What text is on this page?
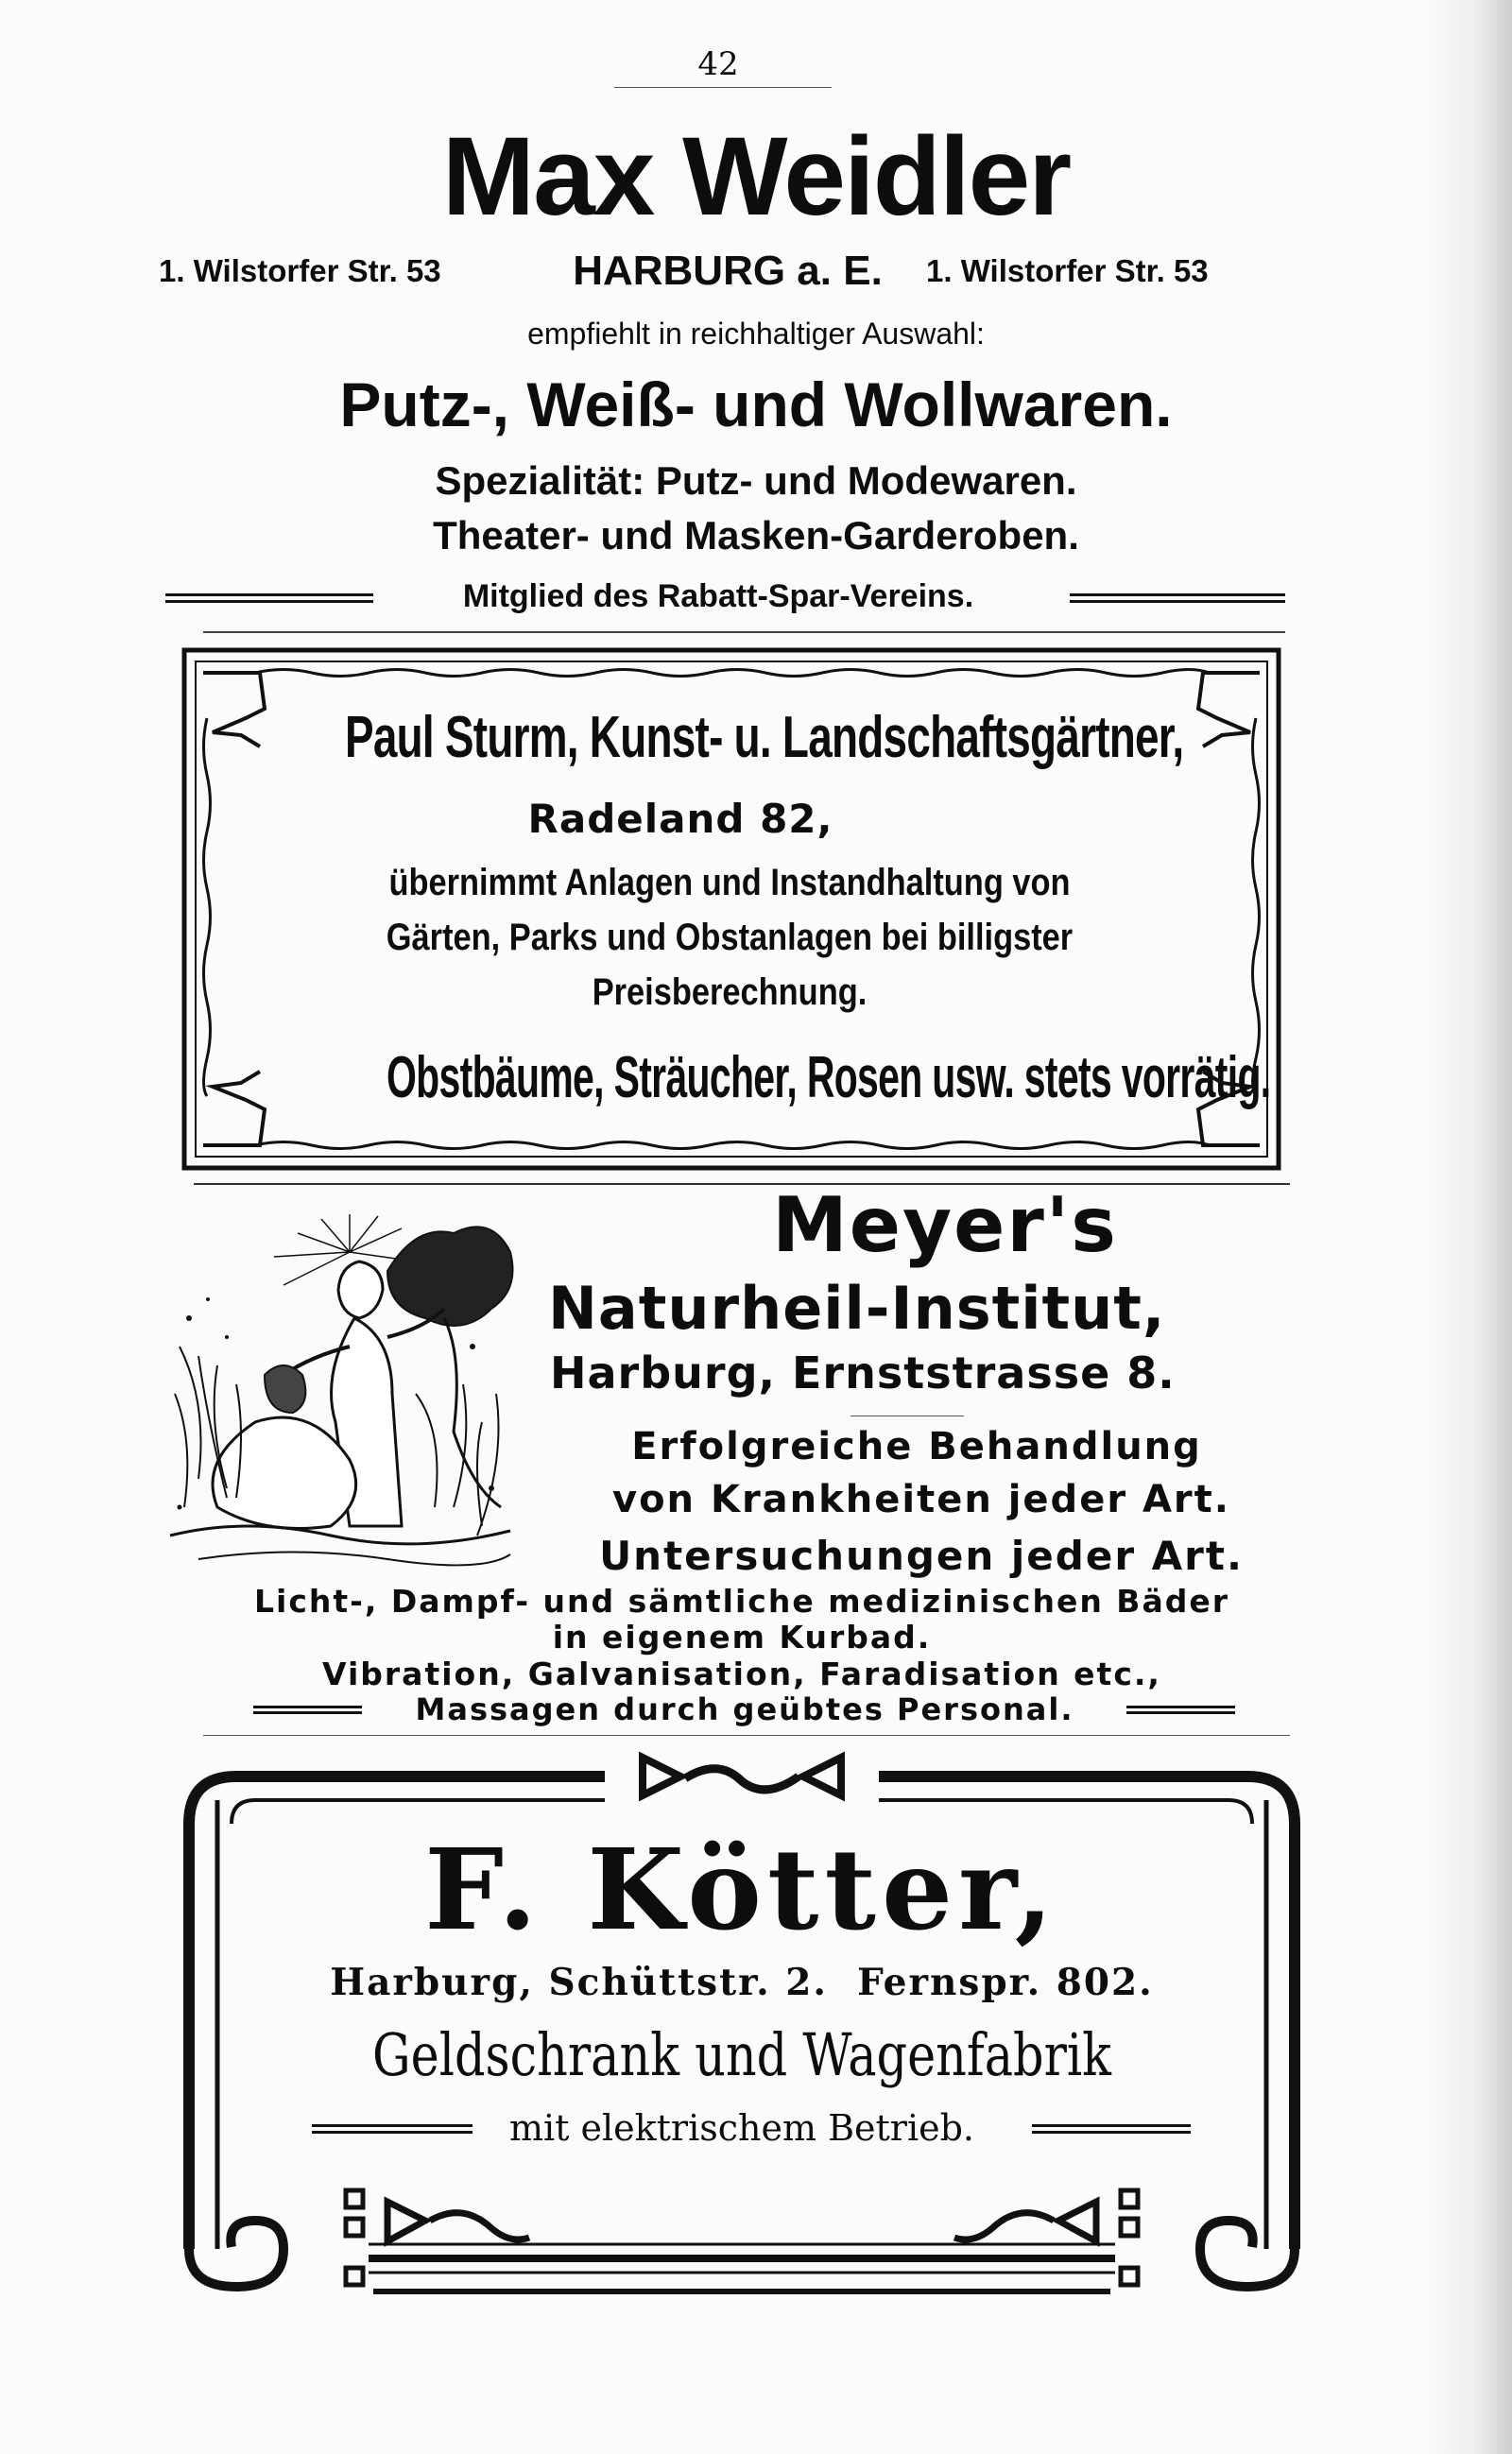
42
Max Weidler
1. Wilstorfer Str. 53	HARBURG a. E.	1. Wilstorfer Str. 53
empfiehlt in reichhaltiger Auswahl:
Putz-, Weiß- und Wollwaren.
Spezialität: Putz- und Modewaren.
Theater- und Masken-Garderoben.
Mitglied des Rabatt-Spar-Vereins.
Paul Sturm, Kunst- u. Landschaftsgärtner,
Radeland 82,
übernimmt Anlagen und Instandhaltung von
Gärten, Parks und Obstanlagen bei billigster
Preisberechnung.
Obstbäume, Sträucher, Rosen usw. stets vorrätig.
Meyer's
Naturheil-Institut,
Harburg, Ernststrasse 8.
Erfolgreiche Behandlung
von Krankheiten jeder Art.
Untersuchungen jeder Art.
Licht-, Dampf- und sämtliche medizinischen Bäder
in eigenem Kurbad.
Vibration, Galvanisation, Faradisation etc.,
Massagen durch geübtes Personal.
F. Kötter,
Harburg, Schüttstr. 2.  Fernspr. 802.
Geldschrank und Wagenfabrik
mit elektrischem Betrieb.
